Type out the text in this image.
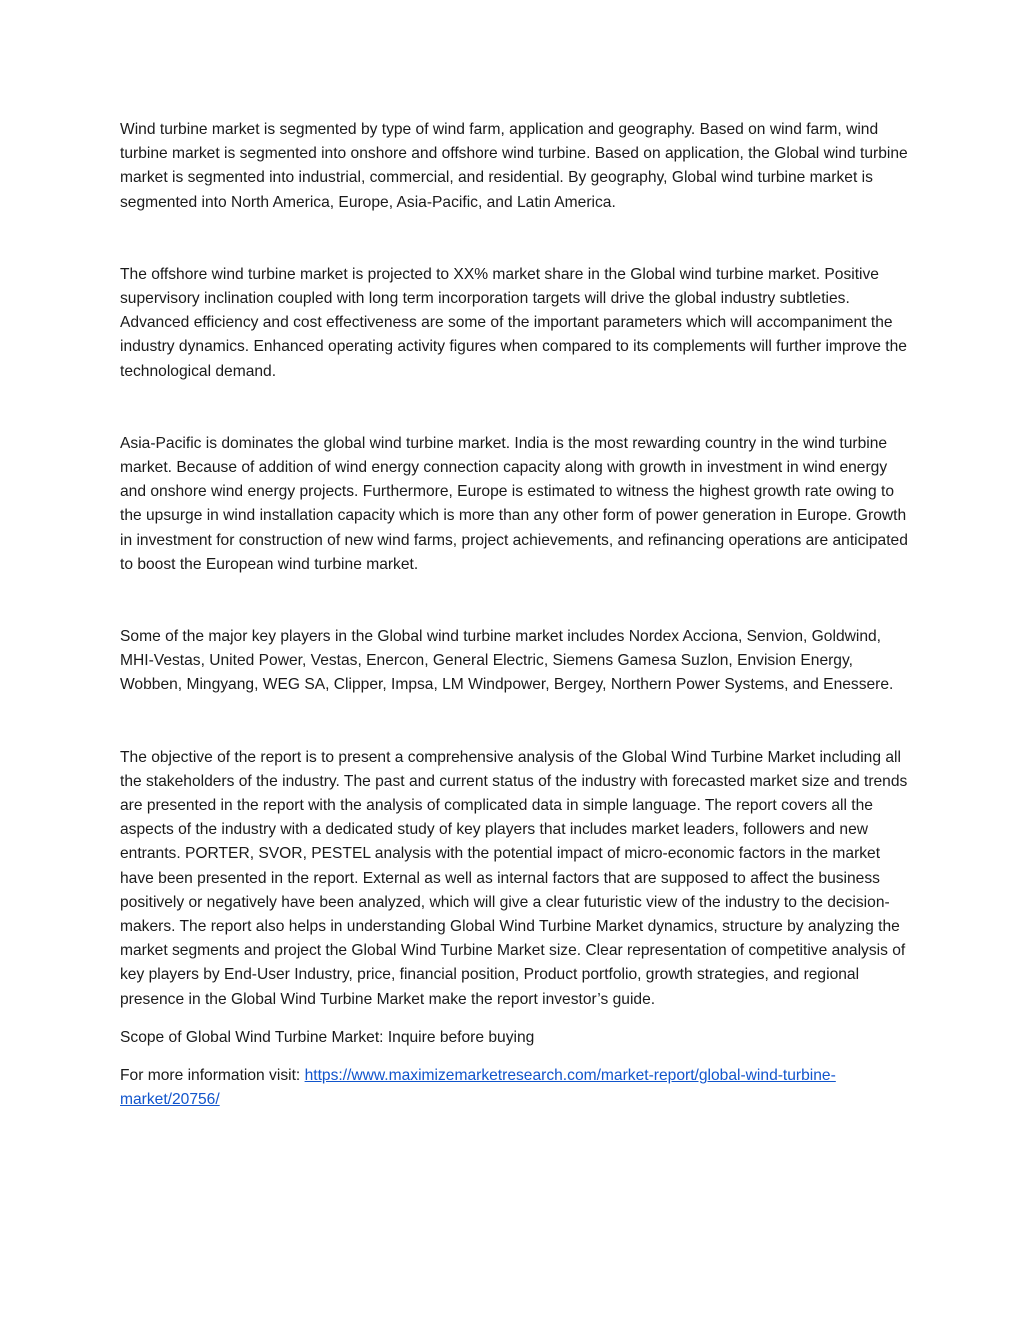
Wind turbine market is segmented by type of wind farm, application and geography. Based on wind farm, wind turbine market is segmented into onshore and offshore wind turbine. Based on application, the Global wind turbine market is segmented into industrial, commercial, and residential. By geography, Global wind turbine market is segmented into North America, Europe, Asia-Pacific, and Latin America.

The offshore wind turbine market is projected to XX% market share in the Global wind turbine market. Positive supervisory inclination coupled with long term incorporation targets will drive the global industry subtleties. Advanced efficiency and cost effectiveness are some of the important parameters which will accompaniment the industry dynamics. Enhanced operating activity figures when compared to its complements will further improve the technological demand.

Asia-Pacific is dominates the global wind turbine market. India is the most rewarding country in the wind turbine market. Because of addition of wind energy connection capacity along with growth in investment in wind energy and onshore wind energy projects. Furthermore, Europe is estimated to witness the highest growth rate owing to the upsurge in wind installation capacity which is more than any other form of power generation in Europe. Growth in investment for construction of new wind farms, project achievements, and refinancing operations are anticipated to boost the European wind turbine market.

Some of the major key players in the Global wind turbine market includes Nordex Acciona, Senvion, Goldwind, MHI-Vestas, United Power, Vestas, Enercon, General Electric, Siemens Gamesa Suzlon, Envision Energy, Wobben, Mingyang, WEG SA, Clipper, Impsa, LM Windpower, Bergey, Northern Power Systems, and Enessere.

The objective of the report is to present a comprehensive analysis of the Global Wind Turbine Market including all the stakeholders of the industry. The past and current status of the industry with forecasted market size and trends are presented in the report with the analysis of complicated data in simple language. The report covers all the aspects of the industry with a dedicated study of key players that includes market leaders, followers and new entrants. PORTER, SVOR, PESTEL analysis with the potential impact of micro-economic factors in the market have been presented in the report. External as well as internal factors that are supposed to affect the business positively or negatively have been analyzed, which will give a clear futuristic view of the industry to the decision-makers. The report also helps in understanding Global Wind Turbine Market dynamics, structure by analyzing the market segments and project the Global Wind Turbine Market size. Clear representation of competitive analysis of key players by End-User Industry, price, financial position, Product portfolio, growth strategies, and regional presence in the Global Wind Turbine Market make the report investor’s guide.

Scope of Global Wind Turbine Market: Inquire before buying

For more information visit: https://www.maximizemarketresearch.com/market-report/global-wind-turbine-market/20756/
